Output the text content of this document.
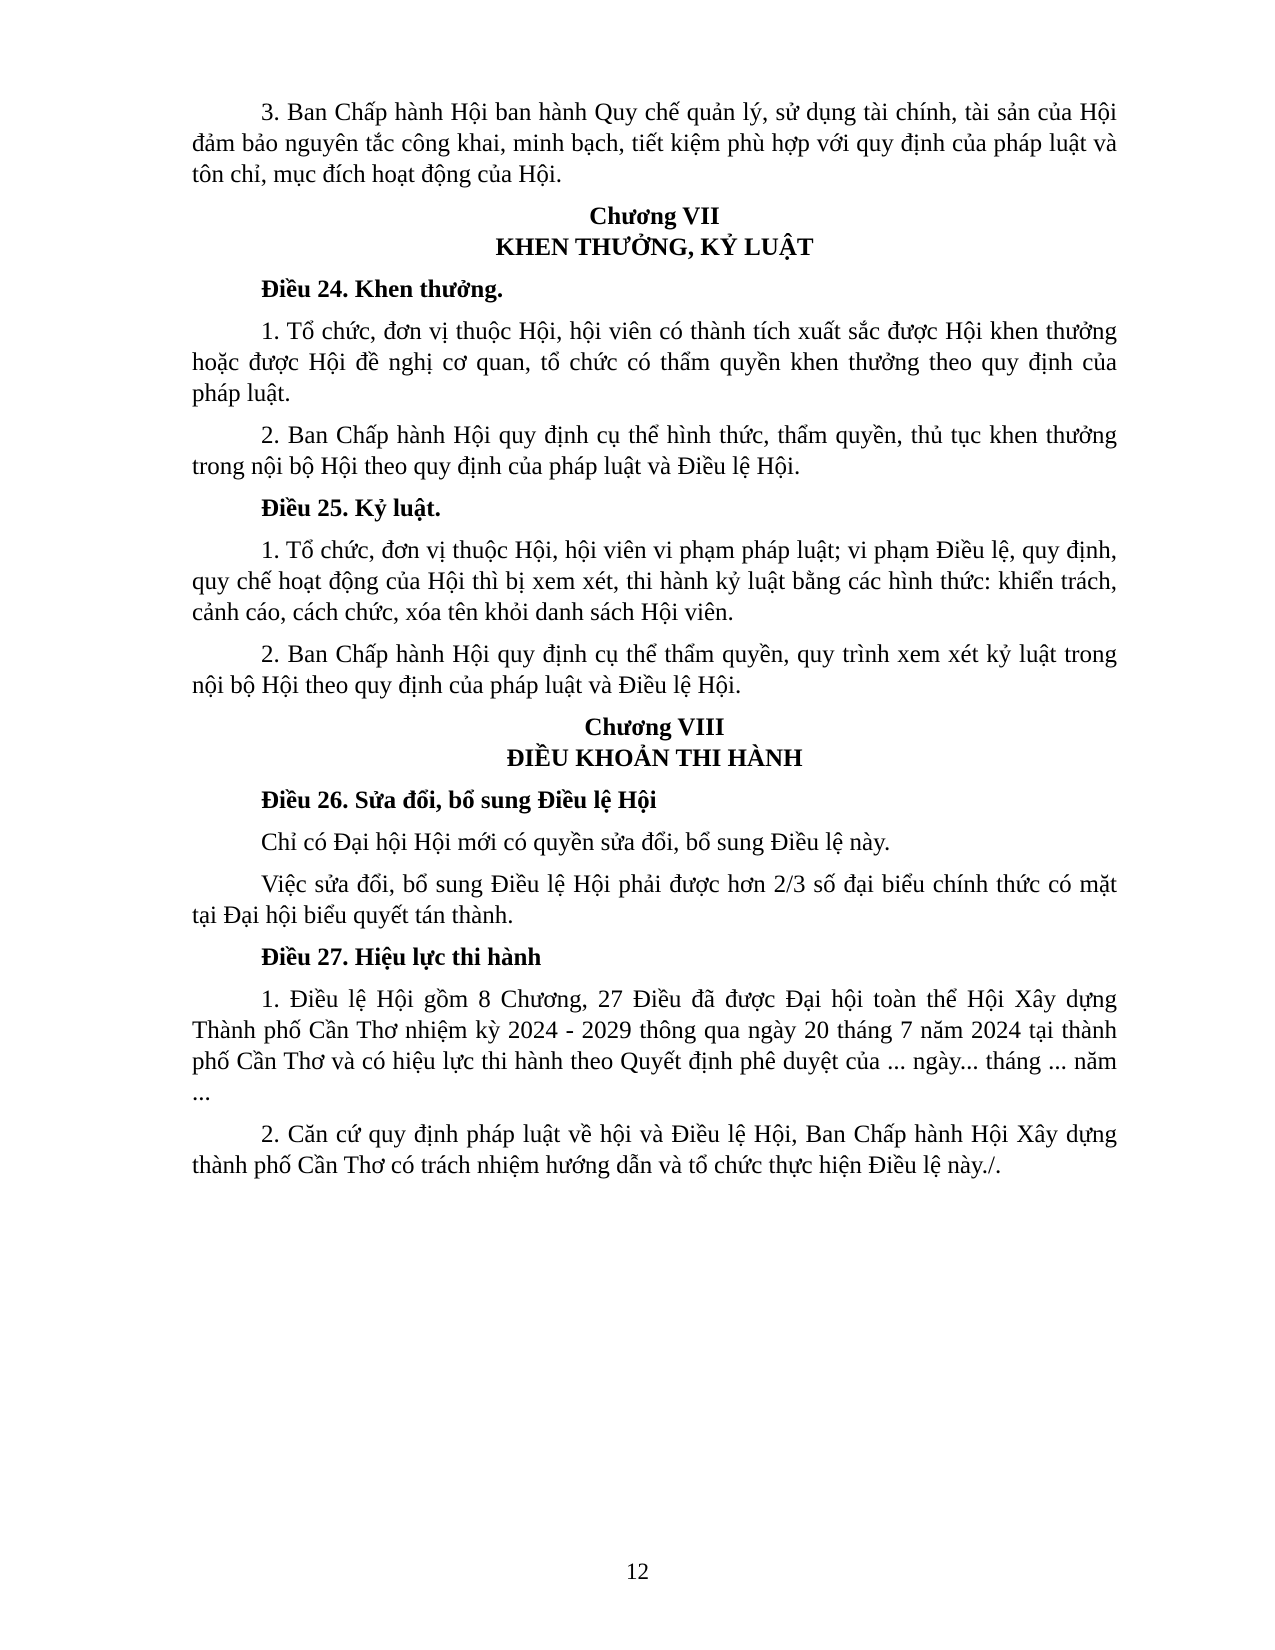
3. Ban Chấp hành Hội ban hành Quy chế quản lý, sử dụng tài chính, tài sản của Hội đảm bảo nguyên tắc công khai, minh bạch, tiết kiệm phù hợp với quy định của pháp luật và tôn chỉ, mục đích hoạt động của Hội.

Chương VII
KHEN THƯỞNG, KỶ LUẬT

Điều 24. Khen thưởng.

1. Tổ chức, đơn vị thuộc Hội, hội viên có thành tích xuất sắc được Hội khen thưởng hoặc được Hội đề nghị cơ quan, tổ chức có thẩm quyền khen thưởng theo quy định của pháp luật.

2. Ban Chấp hành Hội quy định cụ thể hình thức, thẩm quyền, thủ tục khen thưởng trong nội bộ Hội theo quy định của pháp luật và Điều lệ Hội.

Điều 25. Kỷ luật.

1. Tổ chức, đơn vị thuộc Hội, hội viên vi phạm pháp luật; vi phạm Điều lệ, quy định, quy chế hoạt động của Hội thì bị xem xét, thi hành kỷ luật bằng các hình thức: khiển trách, cảnh cáo, cách chức, xóa tên khỏi danh sách Hội viên.

2. Ban Chấp hành Hội quy định cụ thể thẩm quyền, quy trình xem xét kỷ luật trong nội bộ Hội theo quy định của pháp luật và Điều lệ Hội.

Chương VIII
ĐIỀU KHOẢN THI HÀNH

Điều 26. Sửa đổi, bổ sung Điều lệ Hội

Chỉ có Đại hội Hội mới có quyền sửa đổi, bổ sung Điều lệ này.

Việc sửa đổi, bổ sung Điều lệ Hội phải được hơn 2/3 số đại biểu chính thức có mặt tại Đại hội biểu quyết tán thành.

Điều 27. Hiệu lực thi hành

1. Điều lệ Hội gồm 8 Chương, 27 Điều đã được Đại hội toàn thể Hội Xây dựng Thành phố Cần Thơ nhiệm kỳ 2024 - 2029 thông qua ngày 20 tháng 7 năm 2024 tại thành phố Cần Thơ và có hiệu lực thi hành theo Quyết định phê duyệt của ... ngày... tháng ... năm ...

2. Căn cứ quy định pháp luật về hội và Điều lệ Hội, Ban Chấp hành Hội Xây dựng thành phố Cần Thơ có trách nhiệm hướng dẫn và tổ chức thực hiện Điều lệ này./.

12
